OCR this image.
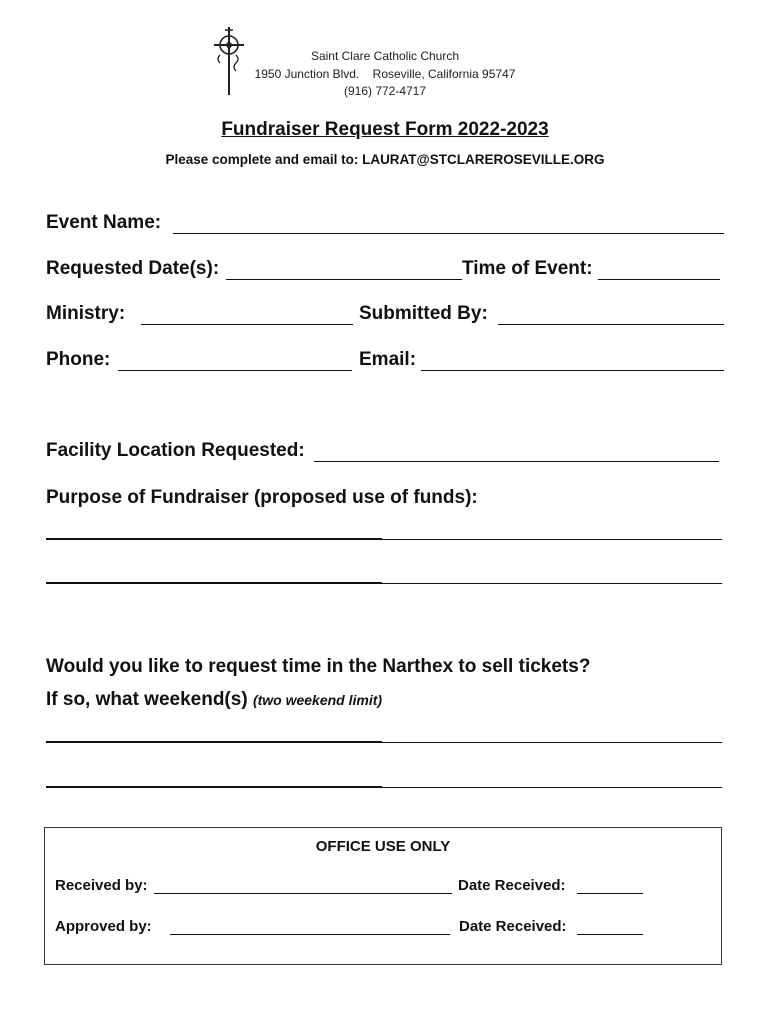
Saint Clare Catholic Church
1950 Junction Blvd.    Roseville, California 95747
(916) 772-4717
Fundraiser Request Form 2022-2023
Please complete and email to: LAURAT@STCLAREROSEVILLE.ORG
Event Name:
Requested Date(s):	Time of Event:
Ministry:	Submitted By:
Phone:	Email:
Facility Location Requested:
Purpose of Fundraiser (proposed use of funds):
Would you like to request time in the Narthex to sell tickets?
If so, what weekend(s) (two weekend limit)
OFFICE USE ONLY
Received by:	Date Received:
Approved by:	Date Received:
